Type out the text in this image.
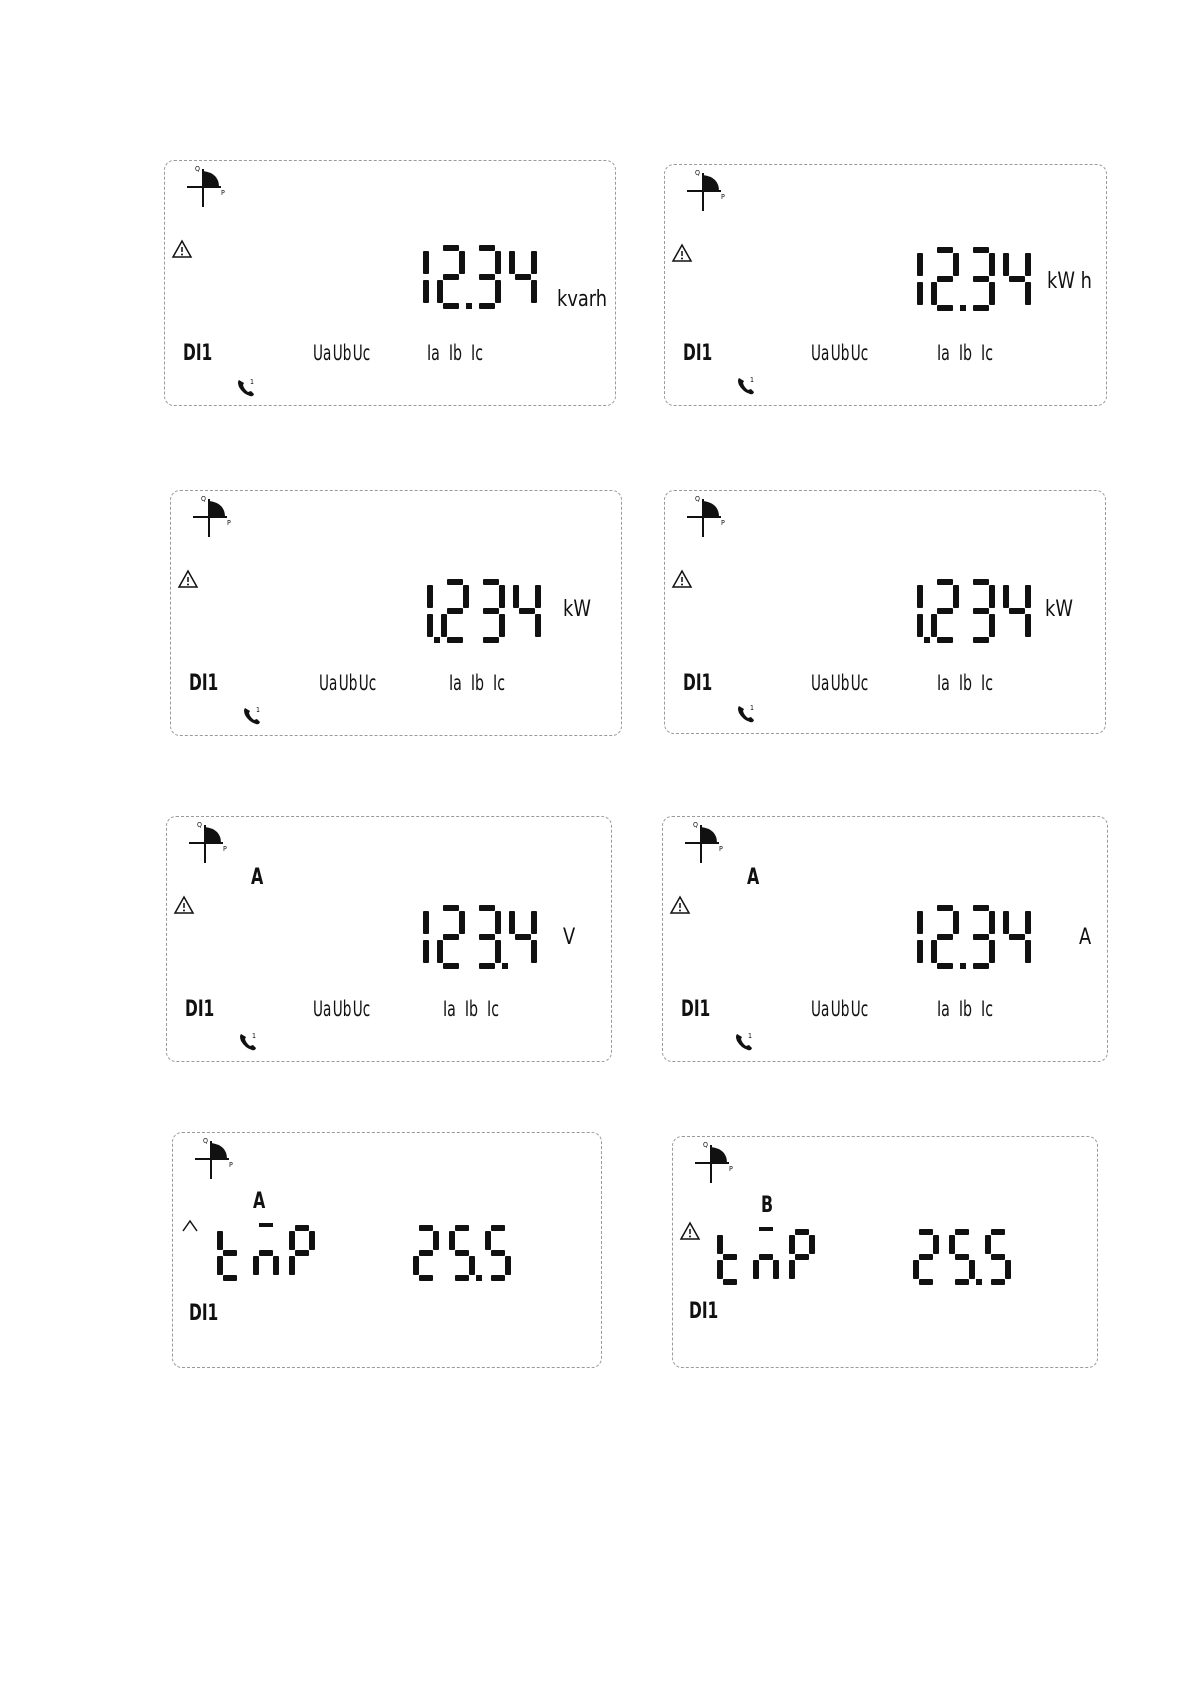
Q
P
kvarh
DI1	UaUbUc	Ia Ib Ic
1
Q
P
kW h
DI1	UaUbUc	Ia Ib Ic
1
Q
P
kW
DI1	UaUbUc	Ia Ib Ic
1
Q
P
kW
DI1	UaUbUc	Ia Ib Ic
1
Q
P
A
V
DI1	UaUbUc	Ia Ib Ic
1
Q
P
A
A
DI1	UaUbUc	Ia Ib Ic
1
Q
P
A
DI1
Q
P
B
DI1
